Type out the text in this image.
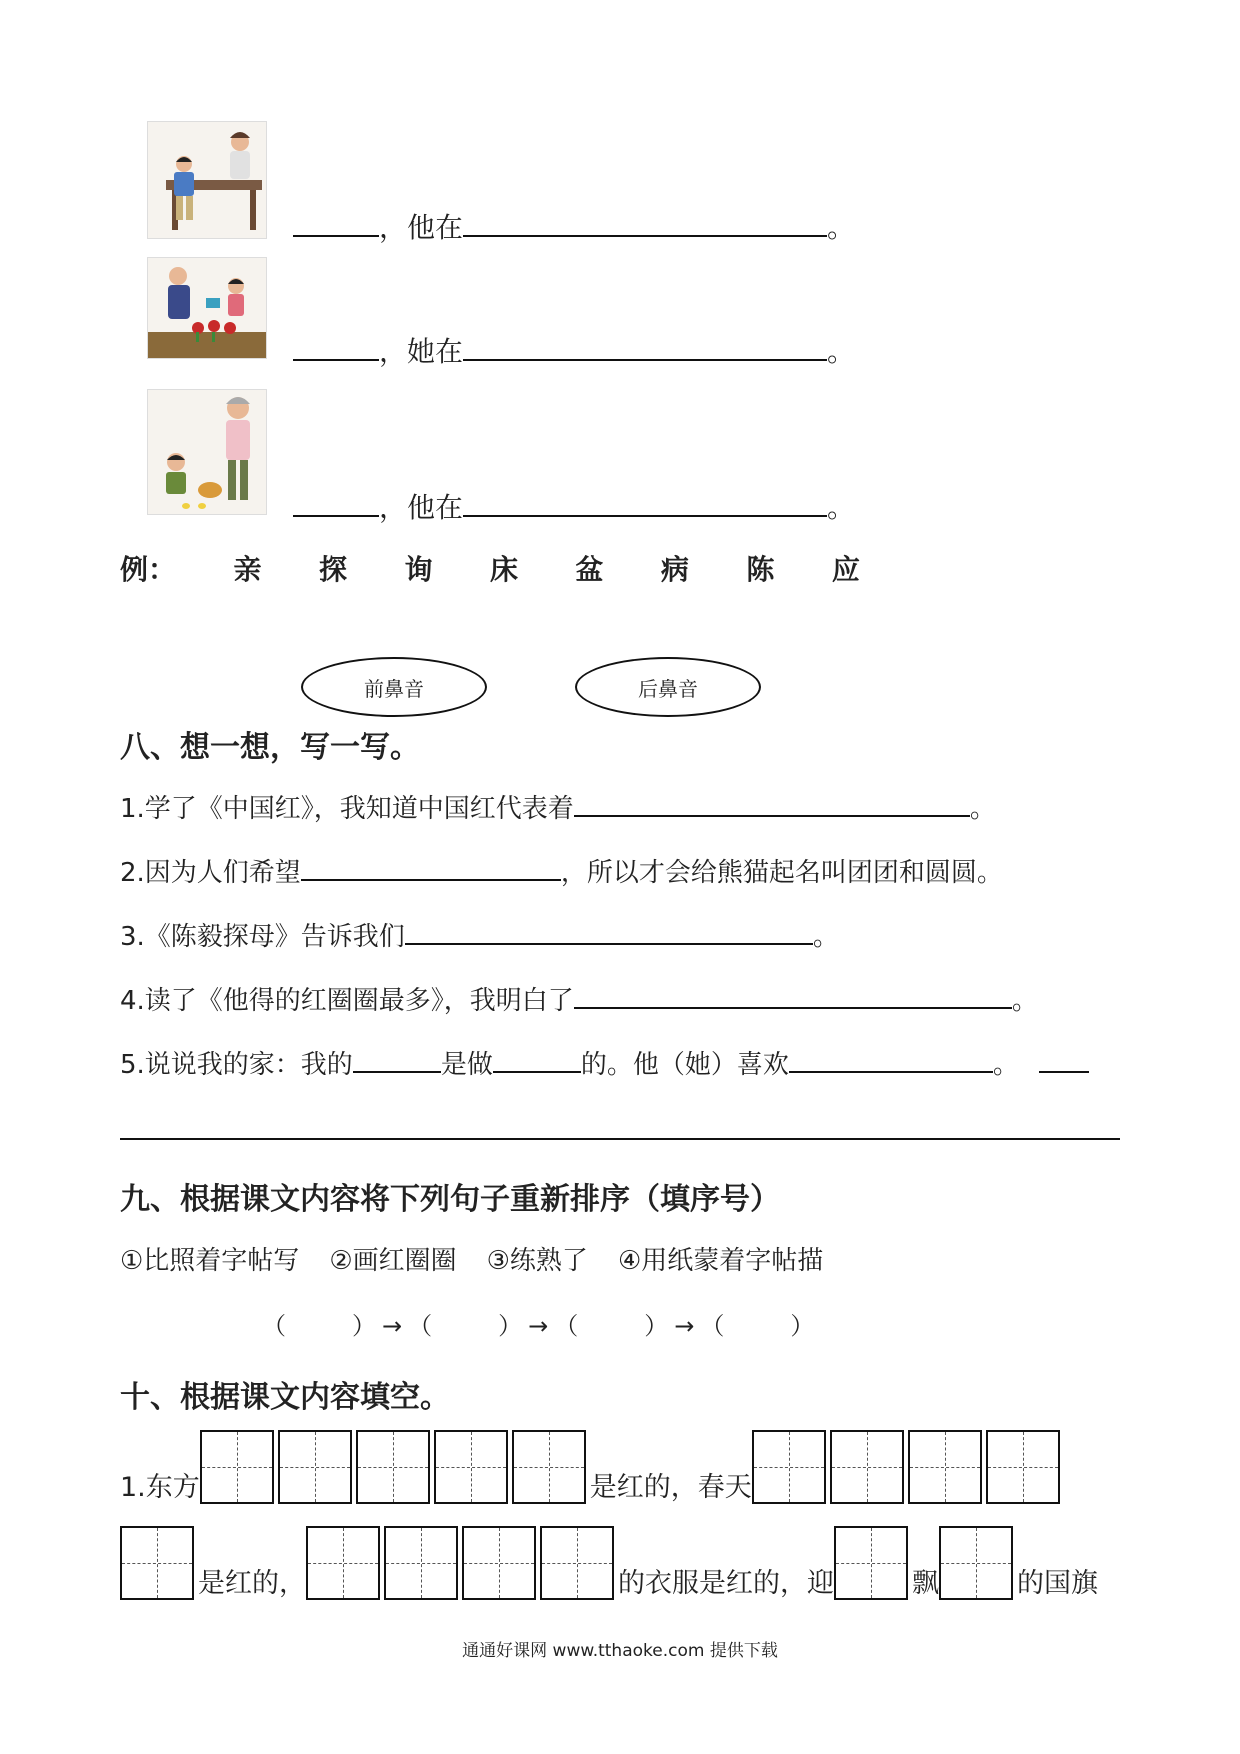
，他在	。
，她在	。
，他在	。
例： 亲 探 询 床 盆 病 陈 应
前鼻音	后鼻音
八、想一想，写一写。
1.学了《中国红》，我知道中国红代表着	。
2.因为人们希望	，所以才会给熊猫起名叫团团和圆圆。
3.《陈毅探母》告诉我们	。
4.读了《他得的红圈圈最多》，我明白了	。
5.说说我的家：我的	是做	的。他（她）喜欢	。
九、根据课文内容将下列句子重新排序（填序号）
①比照着字帖写 ②画红圈圈 ③练熟了 ④用纸蒙着字帖描
（　　）→（　　）→（　　）→（　　）
十、根据课文内容填空。
1.东方	是红的，春天
是红的，	的衣服是红的，迎	飘	的国旗
通通好课网 www.tthaoke.com 提供下载
